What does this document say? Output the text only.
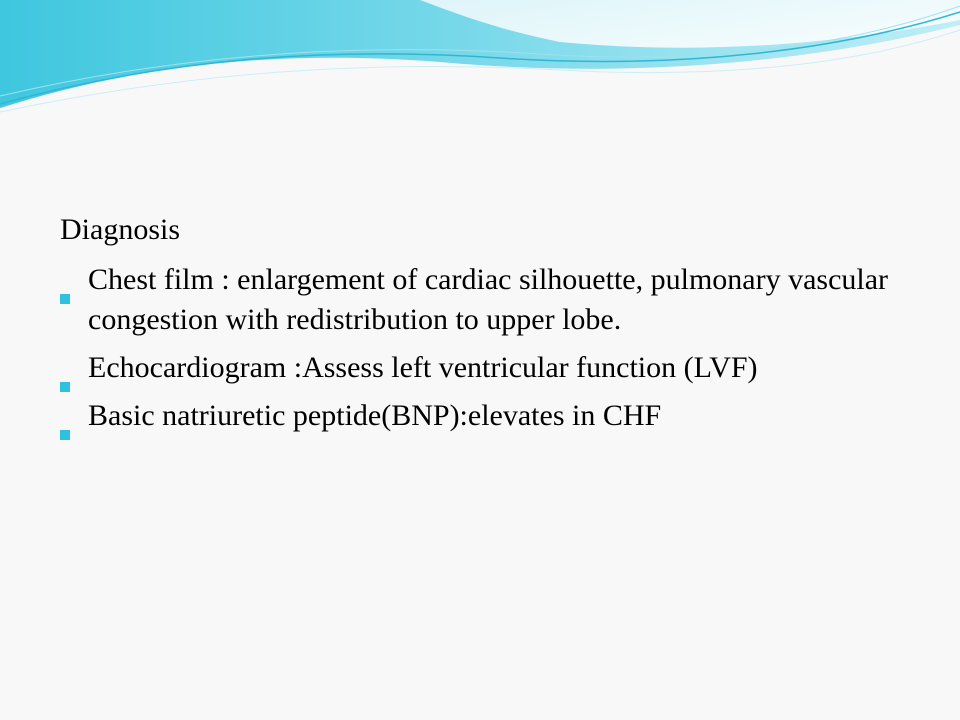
Diagnosis
Chest film : enlargement of cardiac silhouette, pulmonary vascular congestion with redistribution to upper lobe.
Echocardiogram :Assess left ventricular function (LVF)
Basic natriuretic peptide(BNP):elevates in CHF
